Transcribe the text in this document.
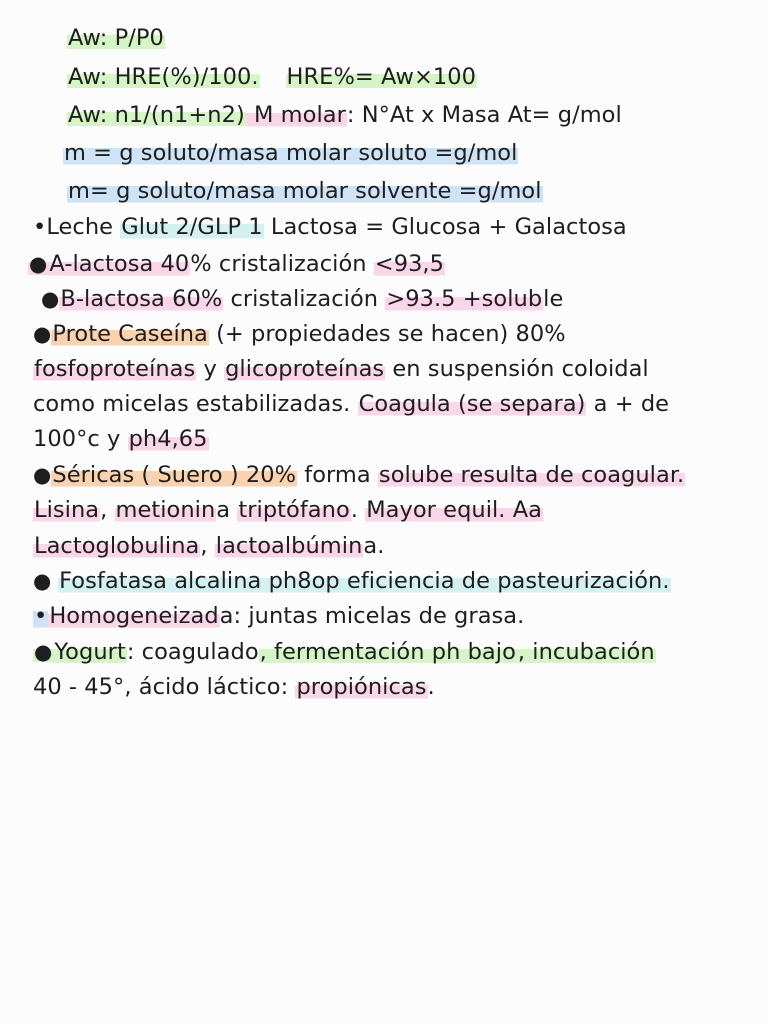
Aw: P/P0
Aw: HRE(%)/100. HRE%= Aw×100
Aw: n1/(n1+n2) M molar: N°At x Masa At= g/mol
m = g soluto/masa molar soluto =g/mol
m= g soluto/masa molar solvente =g/mol
•Leche Glut 2/GLP 1 Lactosa = Glucosa + Galactosa
●A-lactosa 40% cristalización <93,5
●B-lactosa 60% cristalización >93.5 +soluble
●Prote Caseína (+ propiedades se hacen) 80%
fosfoproteínas y glicoproteínas en suspensión coloidal
como micelas estabilizadas. Coagula (se separa) a + de
100°c y ph4,65
●Séricas ( Suero ) 20% forma solube resulta de coagular.
Lisina, metionina triptófano. Mayor equil. Aa
Lactoglobulina, lactoalbúmina.
● Fosfatasa alcalina ph8op eficiencia de pasteurización.
•Homogeneizada: juntas micelas de grasa.
●Yogurt: coagulado, fermentación ph bajo, incubación
40 - 45°, ácido láctico: propiónicas.
